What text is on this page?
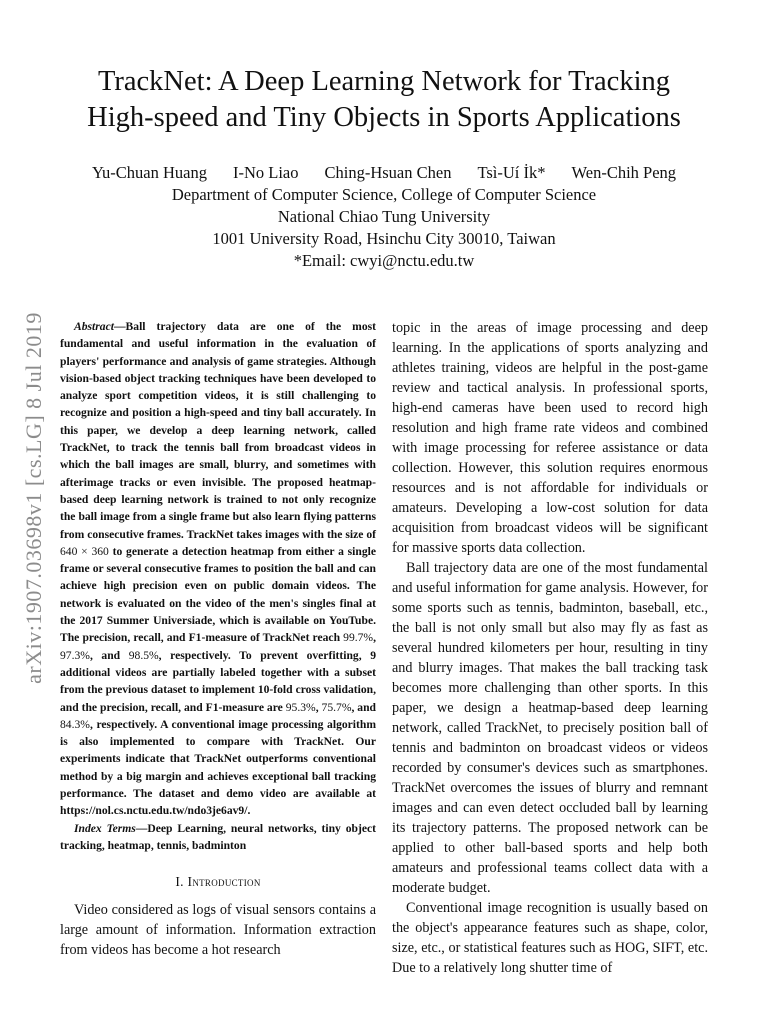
TrackNet: A Deep Learning Network for Tracking
High-speed and Tiny Objects in Sports Applications
Yu-Chuan Huang I-No Liao Ching-Hsuan Chen Tsì-Uí İk* Wen-Chih Peng
Department of Computer Science, College of Computer Science
National Chiao Tung University
1001 University Road, Hsinchu City 30010, Taiwan
*Email: cwyi@nctu.edu.tw
arXiv:1907.03698v1 [cs.LG] 8 Jul 2019	Abstract—Ball trajectory data are one of the most fundamental and useful information in the evaluation of players' performance and analysis of game strategies. Although vision-based object tracking techniques have been developed to analyze sport competition videos, it is still challenging to recognize and position a high-speed and tiny ball accurately. In this paper, we develop a deep learning network, called TrackNet, to track the tennis ball from broadcast videos in which the ball images are small, blurry, and sometimes with afterimage tracks or even invisible. The proposed heatmap-based deep learning network is trained to not only recognize the ball image from a single frame but also learn flying patterns from consecutive frames. TrackNet takes images with the size of 640 × 360 to generate a detection heatmap from either a single frame or several consecutive frames to position the ball and can achieve high precision even on public domain videos. The network is evaluated on the video of the men's singles final at the 2017 Summer Universiade, which is available on YouTube. The precision, recall, and F1-measure of TrackNet reach 99.7%, 97.3%, and 98.5%, respectively. To prevent overfitting, 9 additional videos are partially labeled together with a subset from the previous dataset to implement 10-fold cross validation, and the precision, recall, and F1-measure are 95.3%, 75.7%, and 84.3%, respectively. A conventional image processing algorithm is also implemented to compare with TrackNet. Our experiments indicate that TrackNet outperforms conventional method by a big margin and achieves exceptional ball tracking performance. The dataset and demo video are available at https://nol.cs.nctu.edu.tw/ndo3je6av9/.

Index Terms—Deep Learning, neural networks, tiny object tracking, heatmap, tennis, badminton

I. Introduction

Video considered as logs of visual sensors contains a large amount of information. Information extraction from videos has become a hot research

topic in the areas of image processing and deep learning. In the applications of sports analyzing and athletes training, videos are helpful in the post-game review and tactical analysis. In professional sports, high-end cameras have been used to record high resolution and high frame rate videos and combined with image processing for referee assistance or data collection. However, this solution requires enormous resources and is not affordable for individuals or amateurs. Developing a low-cost solution for data acquisition from broadcast videos will be significant for massive sports data collection.

Ball trajectory data are one of the most fundamental and useful information for game analysis. However, for some sports such as tennis, badminton, baseball, etc., the ball is not only small but also may fly as fast as several hundred kilometers per hour, resulting in tiny and blurry images. That makes the ball tracking task becomes more challenging than other sports. In this paper, we design a heatmap-based deep learning network, called TrackNet, to precisely position ball of tennis and badminton on broadcast videos or videos recorded by consumer's devices such as smartphones. TrackNet overcomes the issues of blurry and remnant images and can even detect occluded ball by learning its trajectory patterns. The proposed network can be applied to other ball-based sports and help both amateurs and professional teams collect data with a moderate budget.

Conventional image recognition is usually based on the object's appearance features such as shape, color, size, etc., or statistical features such as HOG, SIFT, etc. Due to a relatively long shutter time of
